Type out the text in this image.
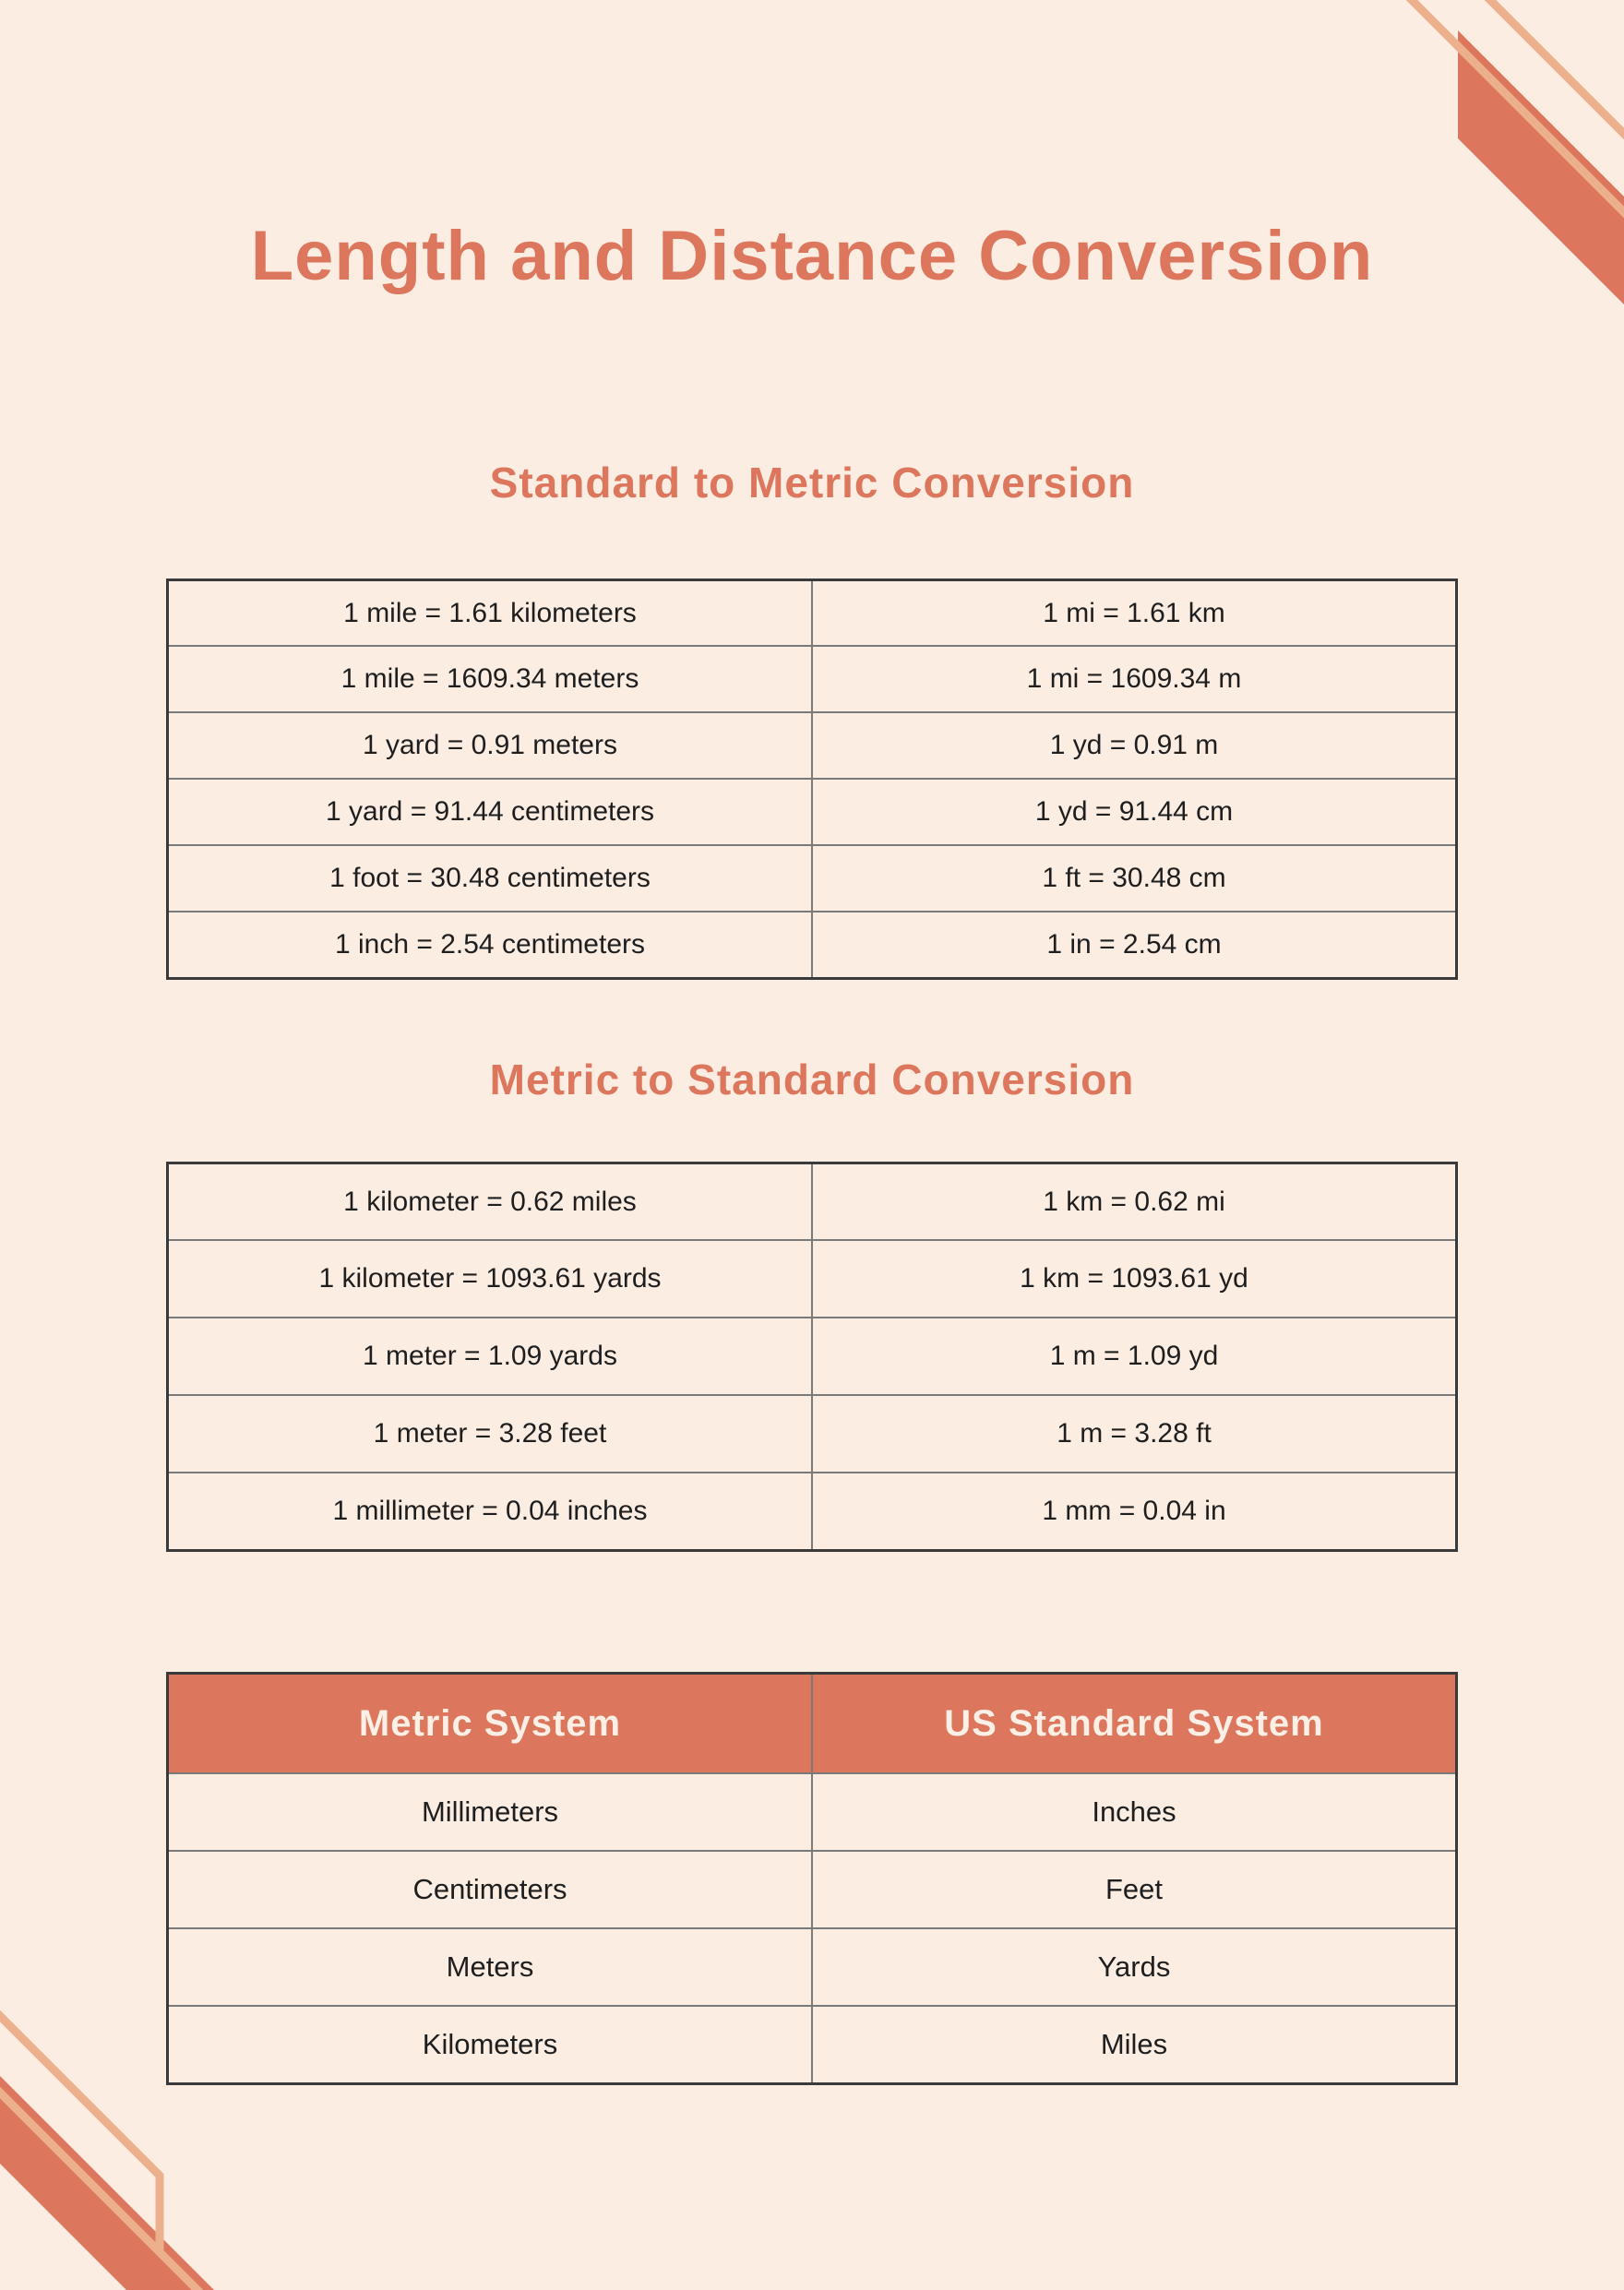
Length and Distance Conversion
Standard to Metric Conversion
1 mile = 1.61 kilometers	1 mi = 1.61 km
1 mile = 1609.34 meters	1 mi = 1609.34 m
1 yard = 0.91 meters	1 yd = 0.91 m
1 yard = 91.44 centimeters	1 yd = 91.44 cm
1 foot = 30.48 centimeters	1 ft = 30.48 cm
1 inch = 2.54 centimeters	1 in = 2.54 cm
Metric to Standard Conversion
1 kilometer = 0.62 miles	1 km = 0.62 mi
1 kilometer = 1093.61 yards	1 km = 1093.61 yd
1 meter = 1.09 yards	1 m = 1.09 yd
1 meter = 3.28 feet	1 m = 3.28 ft
1 millimeter = 0.04 inches	1 mm = 0.04 in
Metric System	US Standard System
Millimeters	Inches
Centimeters	Feet
Meters	Yards
Kilometers	Miles
